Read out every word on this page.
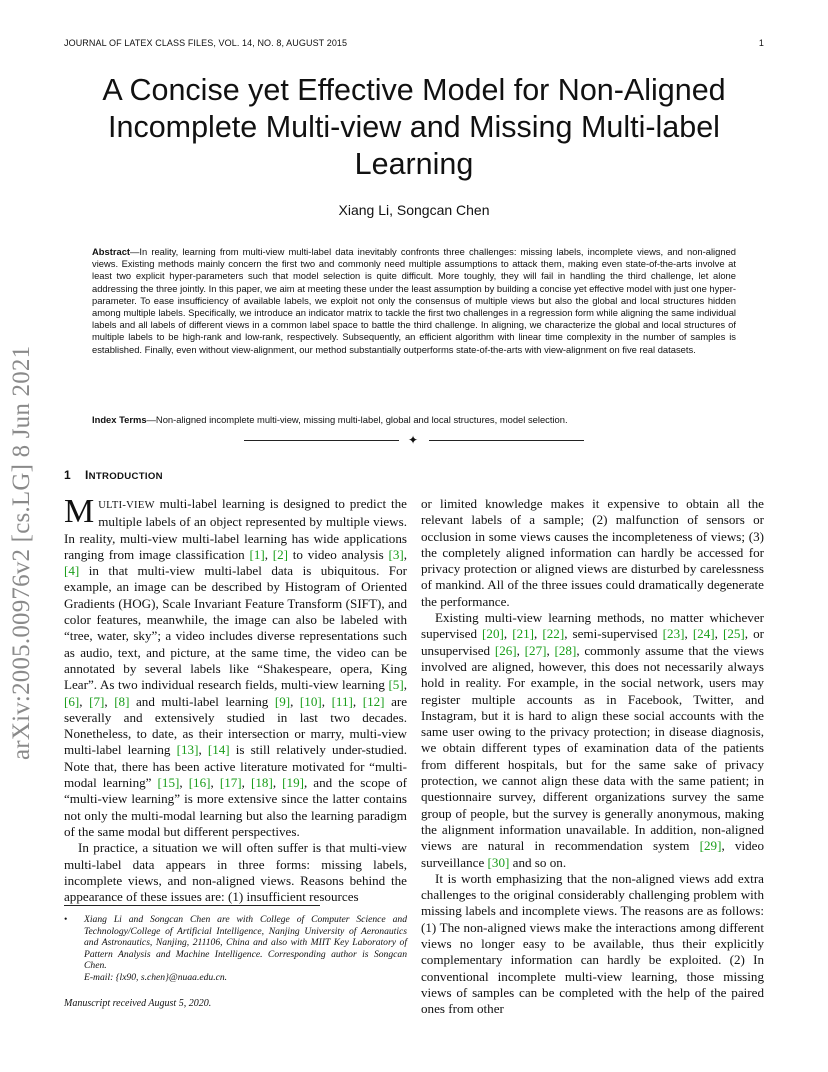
JOURNAL OF LATEX CLASS FILES, VOL. 14, NO. 8, AUGUST 2015	1
arXiv:2005.00976v2 [cs.LG] 8 Jun 2021
A Concise yet Effective Model for Non-Aligned Incomplete Multi-view and Missing Multi-label Learning
Xiang Li, Songcan Chen
Abstract—In reality, learning from multi-view multi-label data inevitably confronts three challenges: missing labels, incomplete views, and non-aligned views. Existing methods mainly concern the first two and commonly need multiple assumptions to attack them, making even state-of-the-arts involve at least two explicit hyper-parameters such that model selection is quite difficult. More toughly, they will fail in handling the third challenge, let alone addressing the three jointly. In this paper, we aim at meeting these under the least assumption by building a concise yet effective model with just one hyper-parameter. To ease insufficiency of available labels, we exploit not only the consensus of multiple views but also the global and local structures hidden among multiple labels. Specifically, we introduce an indicator matrix to tackle the first two challenges in a regression form while aligning the same individual labels and all labels of different views in a common label space to battle the third challenge. In aligning, we characterize the global and local structures of multiple labels to be high-rank and low-rank, respectively. Subsequently, an efficient algorithm with linear time complexity in the number of samples is established. Finally, even without view-alignment, our method substantially outperforms state-of-the-arts with view-alignment on five real datasets.
Index Terms—Non-aligned incomplete multi-view, missing multi-label, global and local structures, model selection.
✦
1 INTRODUCTION

MULTI-VIEW multi-label learning is designed to predict the multiple labels of an object represented by multiple views. In reality, multi-view multi-label learning has wide applications ranging from image classification [1], [2] to video analysis [3], [4] in that multi-view multi-label data is ubiquitous. For example, an image can be described by Histogram of Oriented Gradients (HOG), Scale Invariant Feature Transform (SIFT), and color features, meanwhile, the image can also be labeled with “tree, water, sky”; a video includes diverse representations such as audio, text, and picture, at the same time, the video can be annotated by several labels like “Shakespeare, opera, King Lear”. As two individual research fields, multi-view learning [5], [6], [7], [8] and multi-label learning [9], [10], [11], [12] are severally and extensively studied in last two decades. Nonetheless, to date, as their intersection or marry, multi-view multi-label learning [13], [14] is still relatively under-studied. Note that, there has been active literature motivated for “multi-modal learning” [15], [16], [17], [18], [19], and the scope of “multi-view learning” is more extensive since the latter contains not only the multi-modal learning but also the learning paradigm of the same modal but different perspectives.

In practice, a situation we will often suffer is that multi-view multi-label data appears in three forms: missing labels, incomplete views, and non-aligned views. Reasons behind the appearance of these issues are: (1) insufficient resources

or limited knowledge makes it expensive to obtain all the relevant labels of a sample; (2) malfunction of sensors or occlusion in some views causes the incompleteness of views; (3) the completely aligned information can hardly be accessed for privacy protection or aligned views are disturbed by carelessness of mankind. All of the three issues could dramatically degenerate the performance.

Existing multi-view learning methods, no matter whichever supervised [20], [21], [22], semi-supervised [23], [24], [25], or unsupervised [26], [27], [28], commonly assume that the views involved are aligned, however, this does not necessarily always hold in reality. For example, in the social network, users may register multiple accounts as in Facebook, Twitter, and Instagram, but it is hard to align these social accounts with the same user owing to the privacy protection; in disease diagnosis, we obtain different types of examination data of the patients from different hospitals, but for the same sake of privacy protection, we cannot align these data with the same patient; in questionnaire survey, different organizations survey the same group of people, but the survey is generally anonymous, making the alignment information unavailable. In addition, non-aligned views are natural in recommendation system [29], video surveillance [30] and so on.

It is worth emphasizing that the non-aligned views add extra challenges to the original considerably challenging problem with missing labels and incomplete views. The reasons are as follows: (1) The non-aligned views make the interactions among different views no longer easy to be available, thus their explicitly complementary information can hardly be exploited. (2) In conventional incomplete multi-view learning, those missing views of samples can be completed with the help of the paired ones from other

• Xiang Li and Songcan Chen are with College of Computer Science and Technology/College of Artificial Intelligence, Nanjing University of Aeronautics and Astronautics, Nanjing, 211106, China and also with MIIT Key Laboratory of Pattern Analysis and Machine Intelligence. Corresponding author is Songcan Chen.
E-mail: {lx90, s.chen}@nuaa.edu.cn.
Manuscript received August 5, 2020.
